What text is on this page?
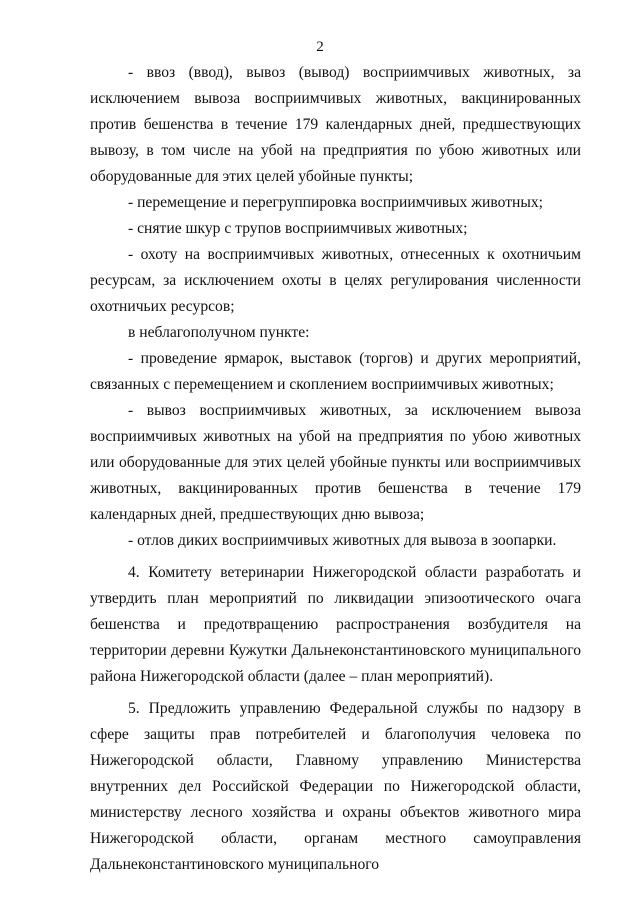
2

- ввоз (ввод), вывоз (вывод) восприимчивых животных, за исключением вывоза восприимчивых животных, вакцинированных против бешенства в течение 179 календарных дней, предшествующих вывозу, в том числе на убой на предприятия по убою животных или оборудованные для этих целей убойные пункты;

- перемещение и перегруппировка восприимчивых животных;

- снятие шкур с трупов восприимчивых животных;

- охоту на восприимчивых животных, отнесенных к охотничьим ресурсам, за исключением охоты в целях регулирования численности охотничьих ресурсов;

в неблагополучном пункте:

- проведение ярмарок, выставок (торгов) и других мероприятий, связанных с перемещением и скоплением восприимчивых животных;

- вывоз восприимчивых животных, за исключением вывоза восприимчивых животных на убой на предприятия по убою животных или оборудованные для этих целей убойные пункты или восприимчивых животных, вакцинированных против бешенства в течение 179 календарных дней, предшествующих дню вывоза;

- отлов диких восприимчивых животных для вывоза в зоопарки.

4. Комитету ветеринарии Нижегородской области разработать и утвердить план мероприятий по ликвидации эпизоотического очага бешенства и предотвращению распространения возбудителя на территории деревни Кужутки Дальнеконстантиновского муниципального района Нижегородской области (далее – план мероприятий).

5. Предложить управлению Федеральной службы по надзору в сфере защиты прав потребителей и благополучия человека по Нижегородской области, Главному управлению Министерства внутренних дел Российской Федерации по Нижегородской области, министерству лесного хозяйства и охраны объектов животного мира Нижегородской области, органам местного самоуправления Дальнеконстантиновского муниципального
